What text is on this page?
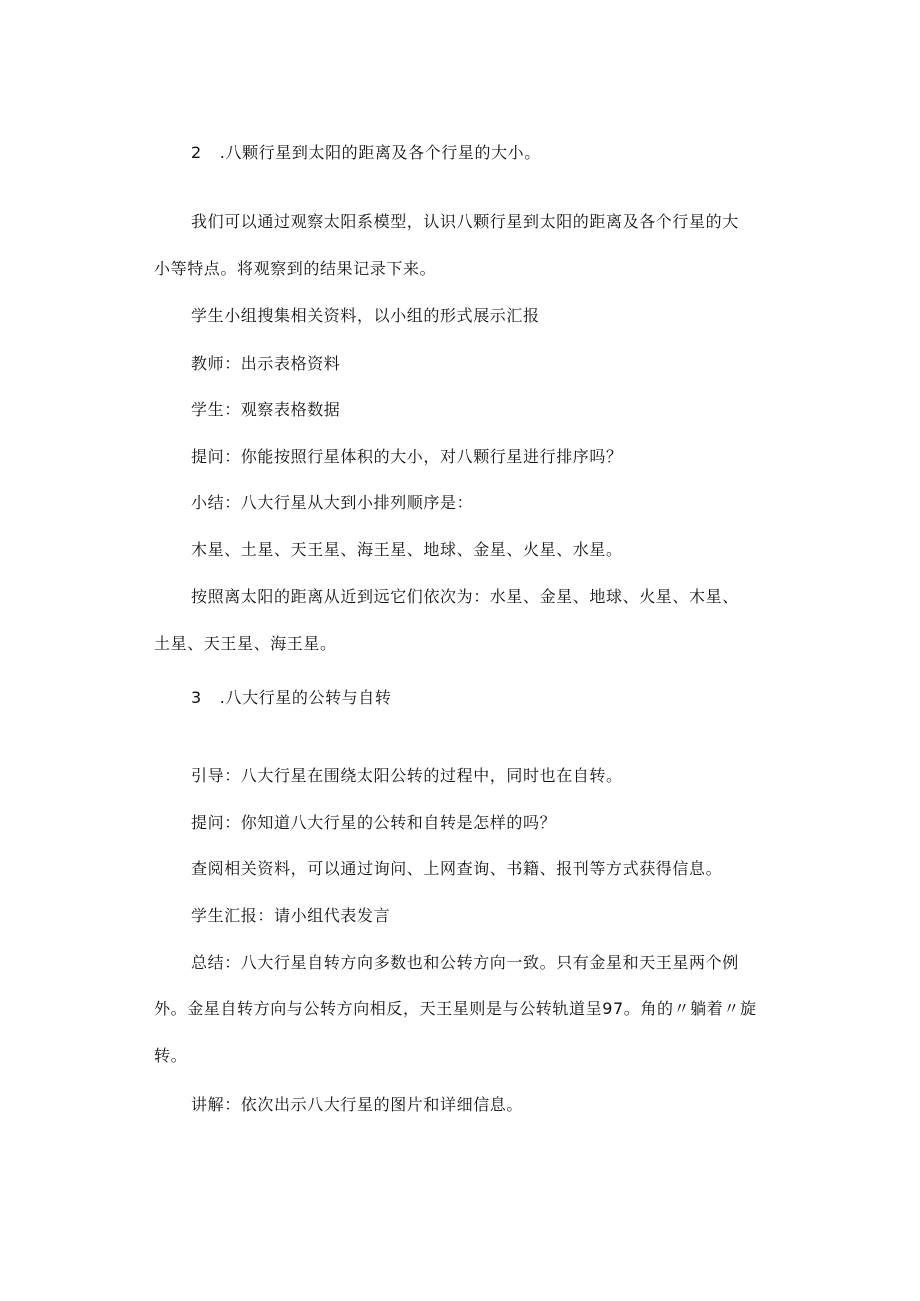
2 .八颗行星到太阳的距离及各个行星的大小。
我们可以通过观察太阳系模型，认识八颗行星到太阳的距离及各个行星的大
小等特点。将观察到的结果记录下来。
学生小组搜集相关资料，以小组的形式展示汇报
教师：出示表格资料
学生：观察表格数据
提问：你能按照行星体积的大小，对八颗行星进行排序吗？
小结：八大行星从大到小排列顺序是：
木星、土星、天王星、海王星、地球、金星、火星、水星。
按照离太阳的距离从近到远它们依次为：水星、金星、地球、火星、木星、
土星、天王星、海王星。
3 .八大行星的公转与自转
引导：八大行星在围绕太阳公转的过程中，同时也在自转。
提问：你知道八大行星的公转和自转是怎样的吗？
查阅相关资料，可以通过询问、上网查询、书籍、报刊等方式获得信息。
学生汇报：请小组代表发言
总结：八大行星自转方向多数也和公转方向一致。只有金星和天王星两个例
外。金星自转方向与公转方向相反，天王星则是与公转轨道呈97。角的〃躺着〃旋
转。
讲解：依次出示八大行星的图片和详细信息。
